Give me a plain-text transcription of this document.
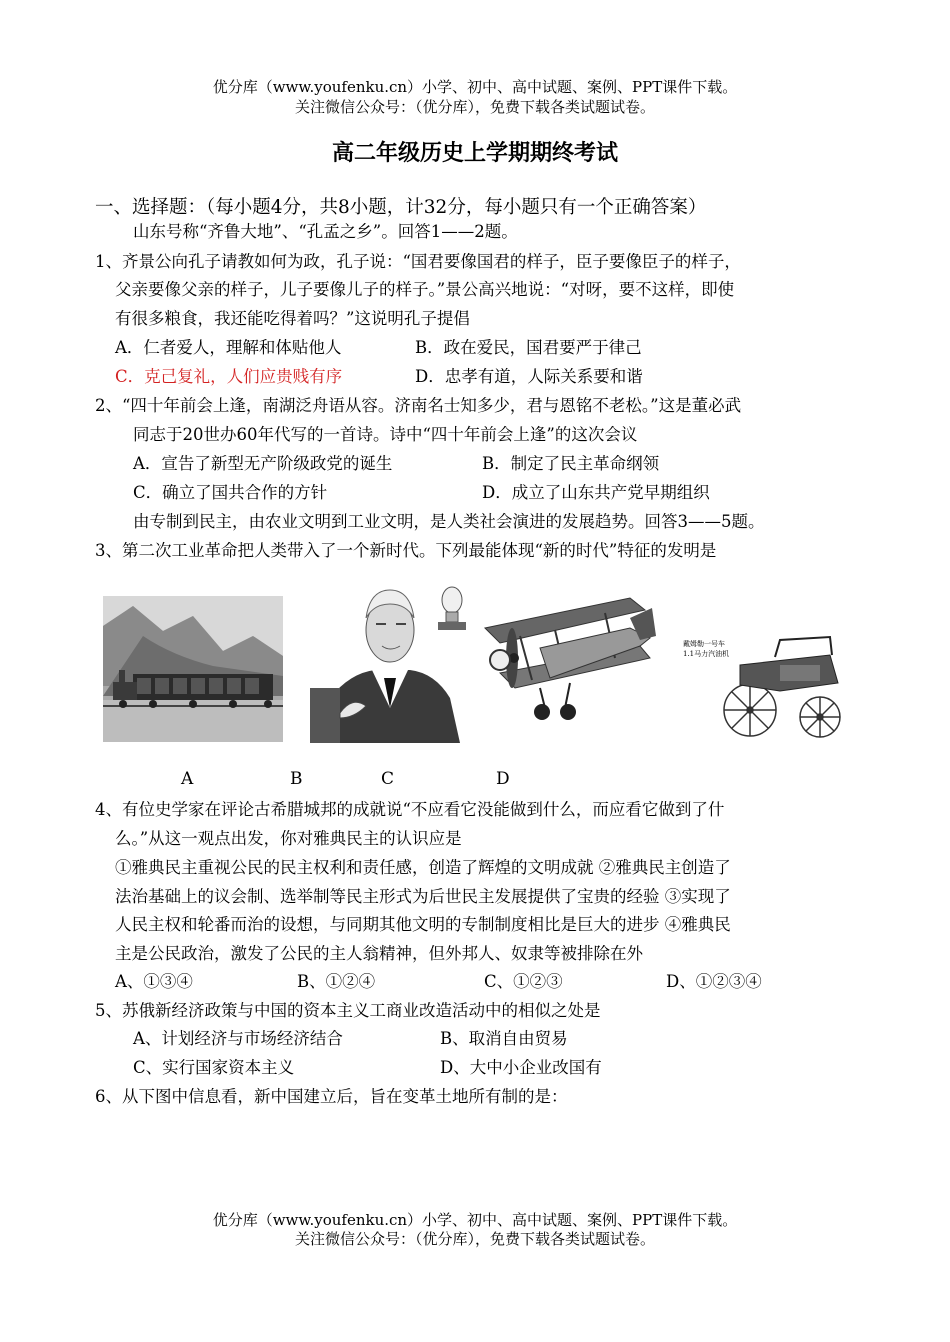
优分库（www.youfenku.cn）小学、初中、高中试题、案例、PPT课件下载。
关注微信公众号：（优分库），免费下载各类试题试卷。
高二年级历史上学期期终考试
一、选择题：（每小题4分，共8小题，计32分，每小题只有一个正确答案）
山东号称“齐鲁大地”、“孔孟之乡”。回答1——2题。
1、齐景公向孔子请教如何为政，孔子说：“国君要像国君的样子，臣子要像臣子的样子，
父亲要像父亲的样子，儿子要像儿子的样子。”景公高兴地说：“对呀，要不这样，即使
有很多粮食，我还能吃得着吗？”这说明孔子提倡
A．仁者爱人，理解和体贴他人	B．政在爱民，国君要严于律己
C．克己复礼，人们应贵贱有序	D．忠孝有道，人际关系要和谐
2、“四十年前会上逢，南湖泛舟语从容。济南名士知多少，君与恩铭不老松。”这是董必武
同志于20世办60年代写的一首诗。诗中“四十年前会上逢”的这次会议
A．宣告了新型无产阶级政党的诞生	B．制定了民主革命纲领
C．确立了国共合作的方针	D．成立了山东共产党早期组织
由专制到民主，由农业文明到工业文明，是人类社会演进的发展趋势。回答3——5题。
3、第二次工业革命把人类带入了一个新时代。下列最能体现“新的时代”特征的发明是
戴姆勒一号车
1.1马力汽油机
A	B	C	D
4、有位史学家在评论古希腊城邦的成就说“不应看它没能做到什么，而应看它做到了什
么。”从这一观点出发，你对雅典民主的认识应是
①雅典民主重视公民的民主权利和责任感，创造了辉煌的文明成就 ②雅典民主创造了
法治基础上的议会制、选举制等民主形式为后世民主发展提供了宝贵的经验 ③实现了
人民主权和轮番而治的设想，与同期其他文明的专制制度相比是巨大的进步 ④雅典民
主是公民政治，激发了公民的主人翁精神，但外邦人、奴隶等被排除在外
A、①③④	B、①②④	C、①②③	D、①②③④
5、苏俄新经济政策与中国的资本主义工商业改造活动中的相似之处是
A、计划经济与市场经济结合	B、取消自由贸易
C、实行国家资本主义	D、大中小企业改国有
6、从下图中信息看，新中国建立后，旨在变革土地所有制的是：
优分库（www.youfenku.cn）小学、初中、高中试题、案例、PPT课件下载。
关注微信公众号：（优分库），免费下载各类试题试卷。
